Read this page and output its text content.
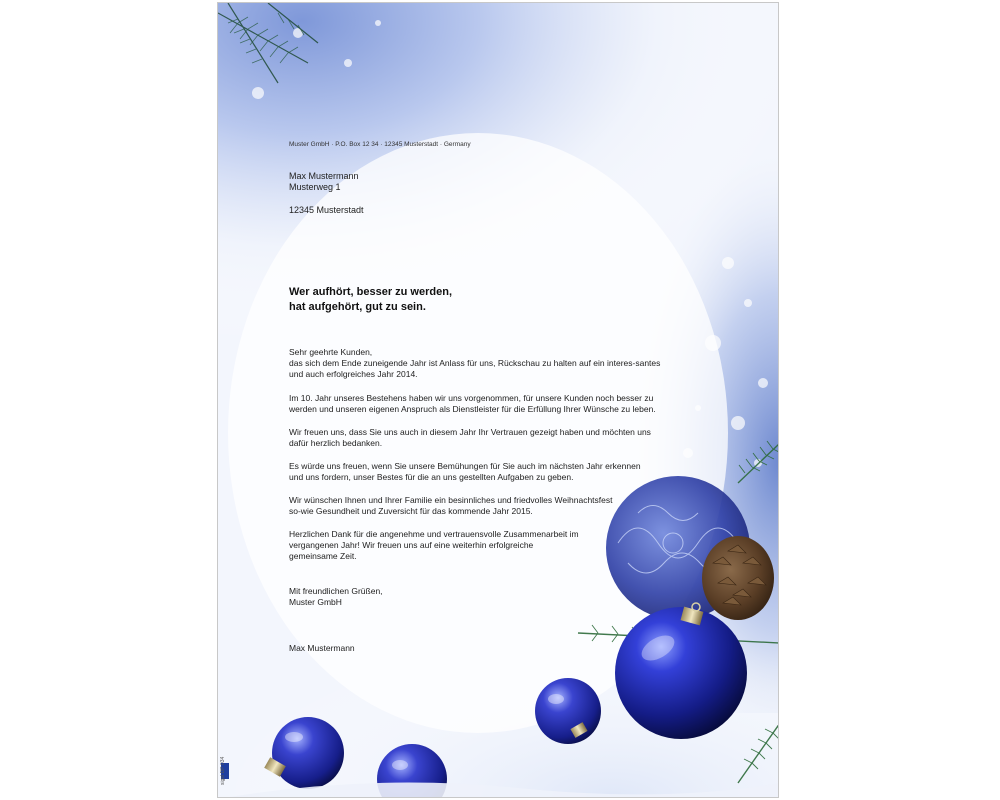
Muster GmbH · P.O. Box 12 34 · 12345 Musterstadt · Germany
Max Mustermann
Musterweg 1
12345 Musterstadt
Wer aufhört, besser zu werden,
hat aufgehört, gut zu sein.
Sehr geehrte Kunden,
das sich dem Ende zuneigende Jahr ist Anlass für uns, Rückschau zu halten auf ein interes-santes
und auch erfolgreiches Jahr 2014.
Im 10. Jahr unseres Bestehens haben wir uns vorgenommen, für unsere Kunden noch besser zu
werden und unseren eigenen Anspruch als Dienstleister für die Erfüllung Ihrer Wünsche zu leben.
Wir freuen uns, dass Sie uns auch in diesem Jahr Ihr Vertrauen gezeigt haben und möchten uns
dafür herzlich bedanken.
Es würde uns freuen, wenn Sie unsere Bemühungen für Sie auch im nächsten Jahr erkennen
und uns fordern, unser Bestes für die an uns gestellten Aufgaben zu geben.
Wir wünschen Ihnen und Ihrer Familie ein besinnliches und friedvolles Weihnachtsfest
so-wie Gesundheit und Zuversicht für das kommende Jahr 2015.
Herzlichen Dank für die angenehme und vertrauensvolle Zusammenarbeit im
vergangenen Jahr! Wir freuen uns auf eine weiterhin erfolgreiche
gemeinsame Zeit.
Mit freundlichen Grüßen,
Muster GmbH
Max Mustermann
sigel DP 034
